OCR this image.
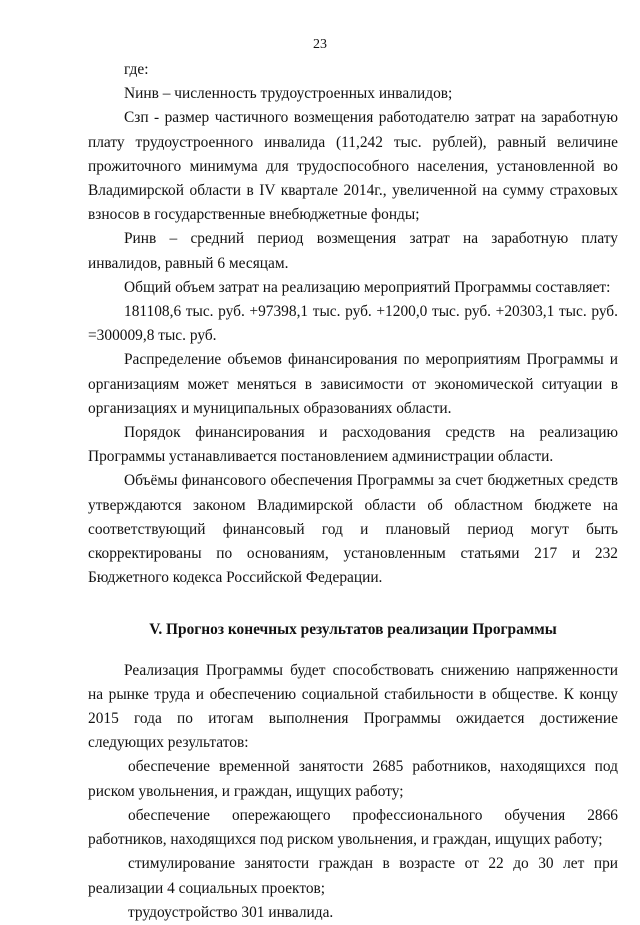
23

где:

Nинв – численность трудоустроенных инвалидов;

Сзп - размер частичного возмещения работодателю затрат на заработную плату трудоустроенного инвалида (11,242 тыс. рублей), равный величине прожиточного минимума для трудоспособного населения, установленной во Владимирской области в IV квартале 2014г., увеличенной на сумму страховых взносов в государственные внебюджетные фонды;

Ринв – средний период возмещения затрат на заработную плату инвалидов, равный 6 месяцам.

Общий объем затрат на реализацию мероприятий Программы составляет:

181108,6 тыс. руб. +97398,1 тыс. руб. +1200,0 тыс. руб. +20303,1 тыс. руб. =300009,8 тыс. руб.

Распределение объемов финансирования по мероприятиям Программы и организациям может меняться в зависимости от экономической ситуации в организациях и муниципальных образованиях области.

Порядок финансирования и расходования средств на реализацию Программы устанавливается постановлением администрации области.

Объёмы финансового обеспечения Программы за счет бюджетных средств утверждаются законом Владимирской области об областном бюджете на соответствующий финансовый год и плановый период могут быть скорректированы по основаниям, установленным статьями 217 и 232 Бюджетного кодекса Российской Федерации.

V. Прогноз конечных результатов реализации Программы

Реализация Программы будет способствовать снижению напряженности на рынке труда и обеспечению социальной стабильности в обществе. К концу 2015 года по итогам выполнения Программы ожидается достижение следующих результатов:

обеспечение временной занятости 2685 работников, находящихся под риском увольнения, и граждан, ищущих работу;

обеспечение опережающего профессионального обучения 2866 работников, находящихся под риском увольнения, и граждан, ищущих работу;

стимулирование занятости граждан в возрасте от 22 до 30 лет при реализации 4 социальных проектов;

трудоустройство 301 инвалида.
